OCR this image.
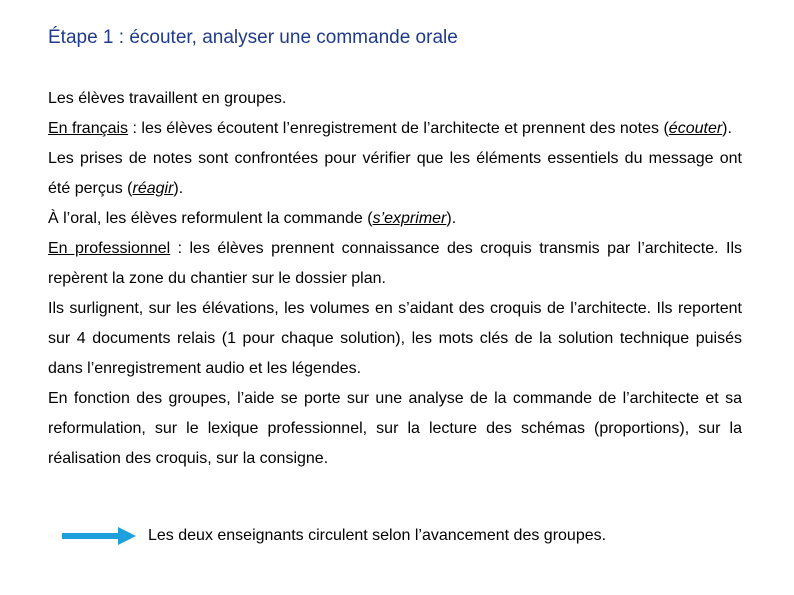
Étape 1 : écouter, analyser une commande orale

Les élèves travaillent en groupes.

En français : les élèves écoutent l’enregistrement de l’architecte et prennent des notes (écouter).

Les prises de notes sont confrontées pour vérifier que les éléments essentiels du message ont été perçus (réagir).

À l’oral, les élèves reformulent la commande (s’exprimer).

En professionnel : les élèves prennent connaissance des croquis transmis par l’architecte. Ils repèrent la zone du chantier sur le dossier plan.

Ils surlignent, sur les élévations, les volumes en s’aidant des croquis de l’architecte. Ils reportent sur 4 documents relais (1 pour chaque solution), les mots clés de la solution technique puisés dans l’enregistrement audio et les légendes.

En fonction des groupes, l’aide se porte sur une analyse de la commande de l’architecte et sa reformulation, sur le lexique professionnel, sur la lecture des schémas (proportions), sur la réalisation des croquis, sur la consigne.

Les deux enseignants circulent selon l’avancement des groupes.
